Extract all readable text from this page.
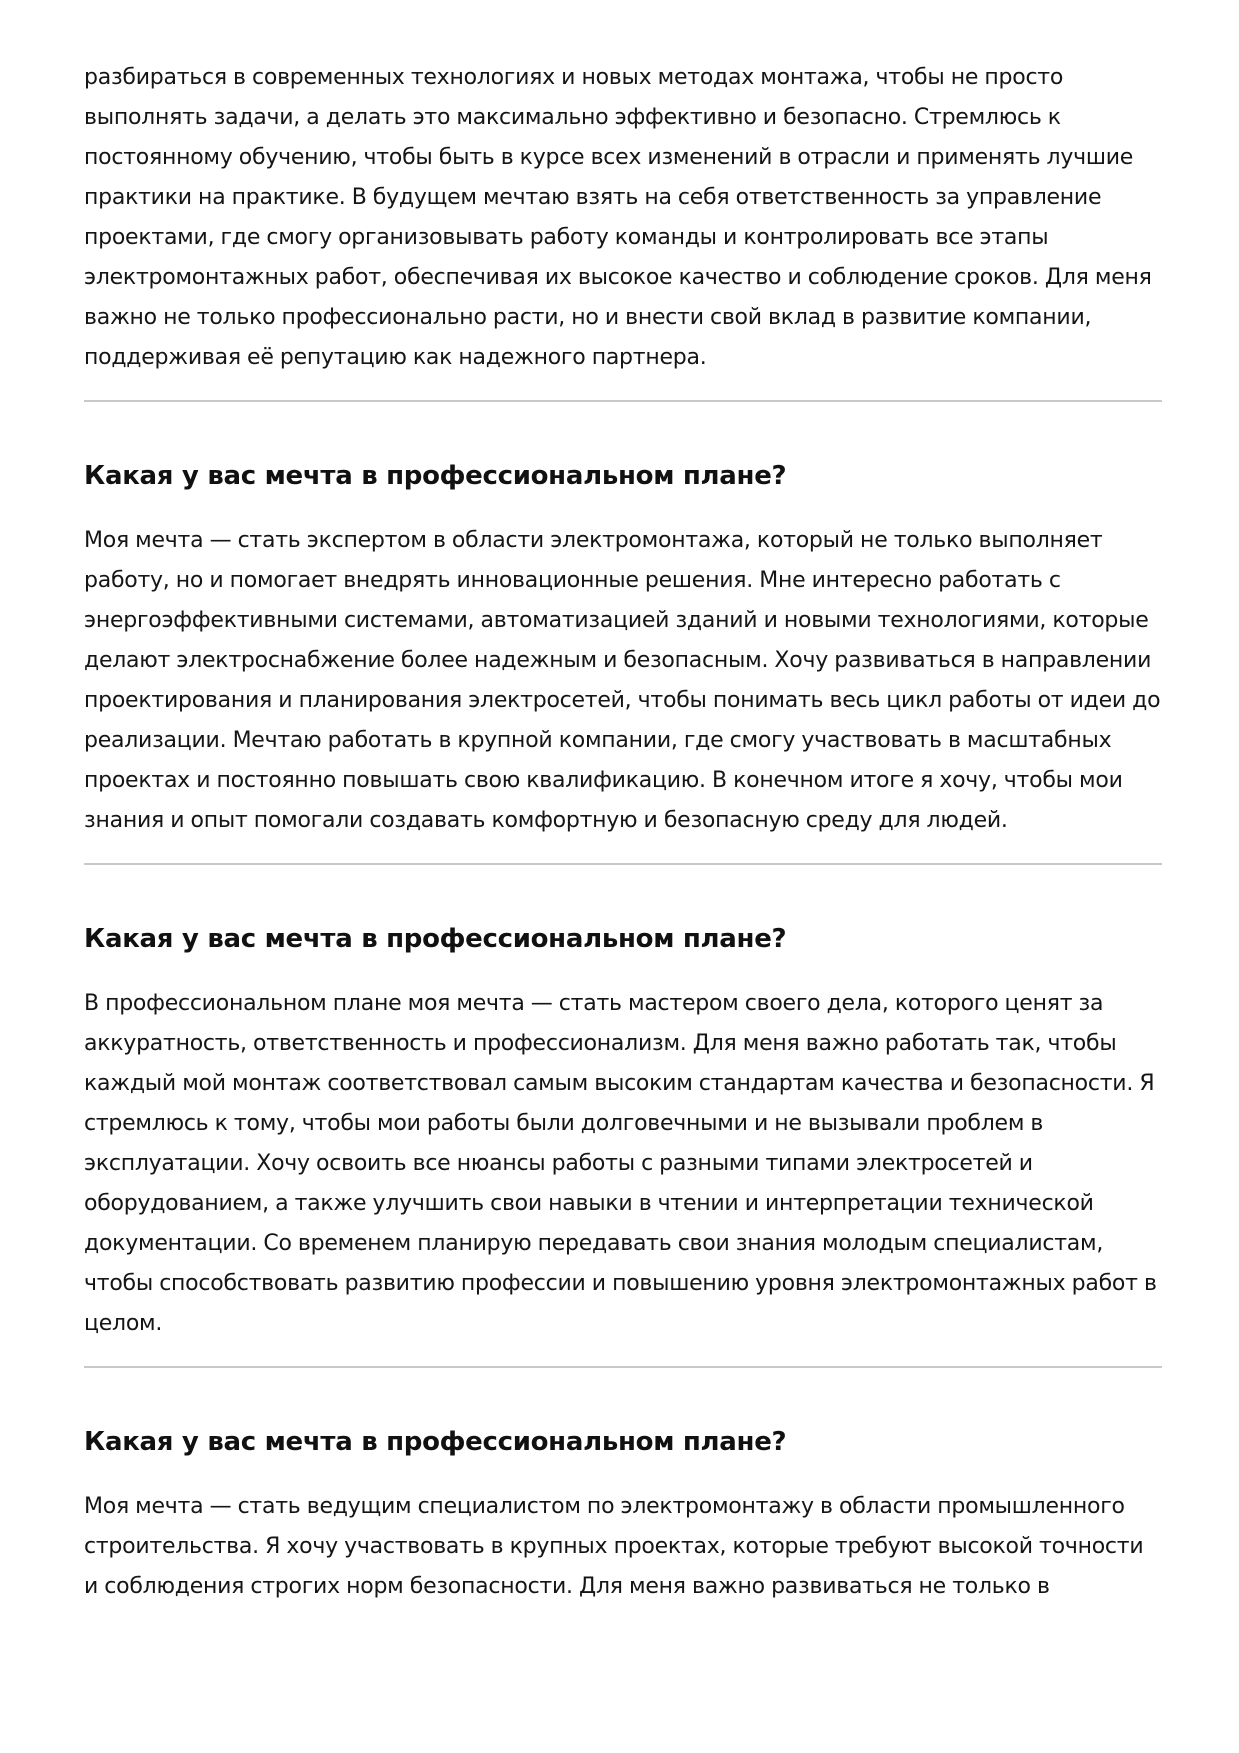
разбираться в современных технологиях и новых методах монтажа, чтобы не просто выполнять задачи, а делать это максимально эффективно и безопасно. Стремлюсь к постоянному обучению, чтобы быть в курсе всех изменений в отрасли и применять лучшие практики на практике. В будущем мечтаю взять на себя ответственность за управление проектами, где смогу организовывать работу команды и контролировать все этапы электромонтажных работ, обеспечивая их высокое качество и соблюдение сроков. Для меня важно не только профессионально расти, но и внести свой вклад в развитие компании, поддерживая её репутацию как надежного партнера.

Какая у вас мечта в профессиональном плане?

Моя мечта — стать экспертом в области электромонтажа, который не только выполняет работу, но и помогает внедрять инновационные решения. Мне интересно работать с энергоэффективными системами, автоматизацией зданий и новыми технологиями, которые делают электроснабжение более надежным и безопасным. Хочу развиваться в направлении проектирования и планирования электросетей, чтобы понимать весь цикл работы от идеи до реализации. Мечтаю работать в крупной компании, где смогу участвовать в масштабных проектах и постоянно повышать свою квалификацию. В конечном итоге я хочу, чтобы мои знания и опыт помогали создавать комфортную и безопасную среду для людей.

Какая у вас мечта в профессиональном плане?

В профессиональном плане моя мечта — стать мастером своего дела, которого ценят за аккуратность, ответственность и профессионализм. Для меня важно работать так, чтобы каждый мой монтаж соответствовал самым высоким стандартам качества и безопасности. Я стремлюсь к тому, чтобы мои работы были долговечными и не вызывали проблем в эксплуатации. Хочу освоить все нюансы работы с разными типами электросетей и оборудованием, а также улучшить свои навыки в чтении и интерпретации технической документации. Со временем планирую передавать свои знания молодым специалистам, чтобы способствовать развитию профессии и повышению уровня электромонтажных работ в целом.

Какая у вас мечта в профессиональном плане?

Моя мечта — стать ведущим специалистом по электромонтажу в области промышленного строительства. Я хочу участвовать в крупных проектах, которые требуют высокой точности и соблюдения строгих норм безопасности. Для меня важно развиваться не только в
